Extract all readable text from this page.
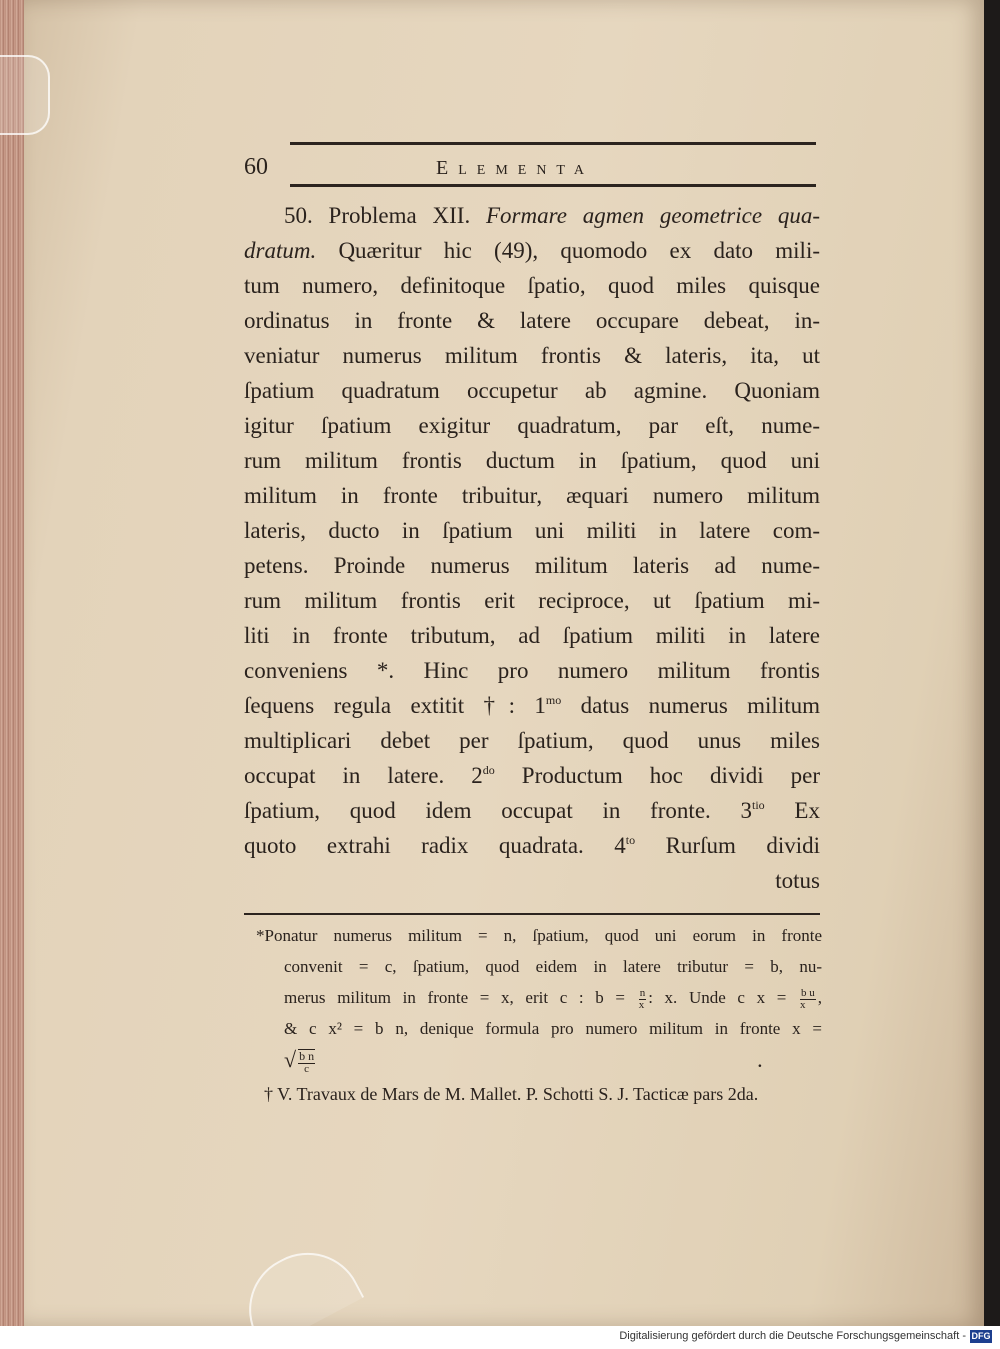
60	Elementa
50. Problema XII. Formare agmen geometrice qua-
dratum. Quæritur hic (49), quomodo ex dato mili-
tum numero, definitoque ſpatio, quod miles quisque
ordinatus in fronte & latere occupare debeat, in-
veniatur numerus militum frontis & lateris, ita, ut
ſpatium quadratum occupetur ab agmine. Quoniam
igitur ſpatium exigitur quadratum, par eſt, nume-
rum militum frontis ductum in ſpatium, quod uni
militum in fronte tribuitur, æquari numero militum
lateris, ducto in ſpatium uni militi in latere com-
petens. Proinde numerus militum lateris ad nume-
rum militum frontis erit reciproce, ut ſpatium mi-
liti in fronte tributum, ad ſpatium militi in latere
conveniens *. Hinc pro numero militum frontis
ſequens regula extitit †: $1^{mo}$ datus numerus militum
multiplicari debet per ſpatium, quod unus miles
occupat in latere. $2^{do}$ Productum hoc dividi per
ſpatium, quod idem occupat in fronte. $3^{tio}$ Ex
quoto extrahi radix quadrata. $4^{to}$ Rurſum dividi
totus
*Ponatur numerus militum = n, ſpatium, quod uni eorum in fronte
convenit = c, ſpatium, quod eidem in latere tributur = b, nu-
merus militum in fronte = x, erit c : $b = \frac{n}{x}$ : x. Unde c $x = \frac{\text{b u}}{x}$ ,
& c x² = b n, denique formula pro numero militum in fronte x =
√ $\frac{\text{b n}}{c}$	.
† V. Travaux de Mars de M. Mallet. P. Schotti S. J. Tacticæ pars 2da.
Digitalisierung gefördert durch die Deutsche Forschungsgemeinschaft - DFG
